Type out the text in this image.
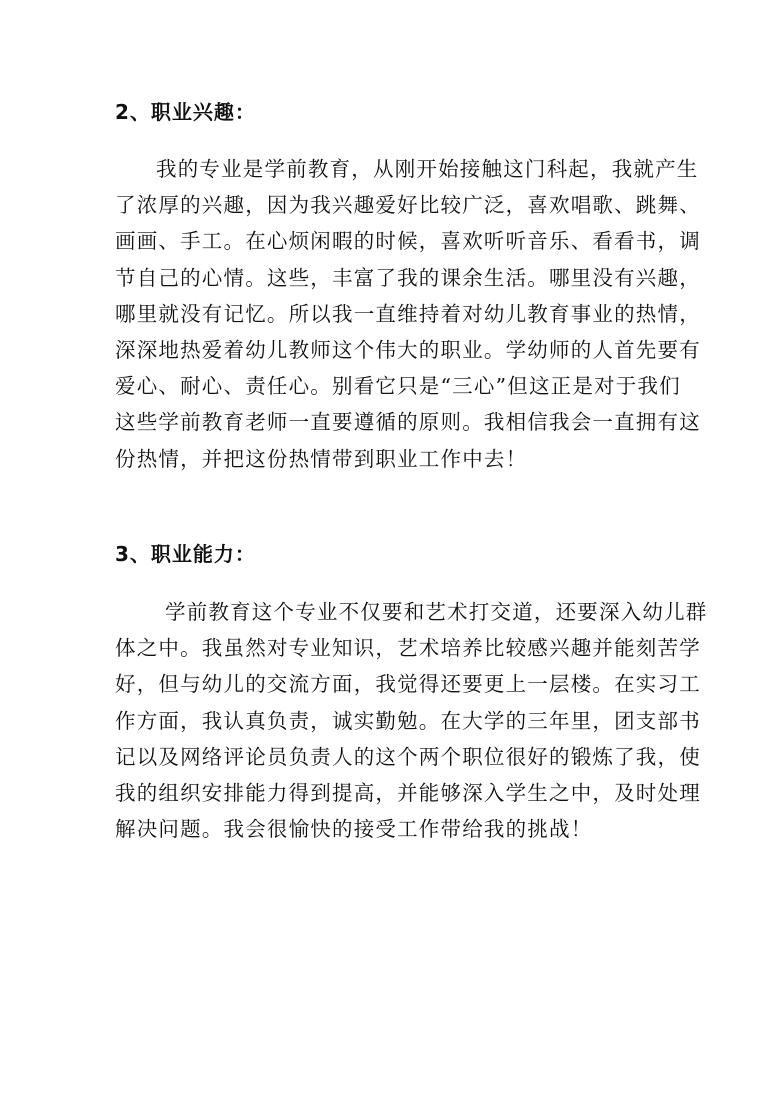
2、职业兴趣：
我的专业是学前教育，从刚开始接触这门科起，我就产生
了浓厚的兴趣，因为我兴趣爱好比较广泛，喜欢唱歌、跳舞、
画画、手工。在心烦闲暇的时候，喜欢听听音乐、看看书，调
节自己的心情。这些，丰富了我的课余生活。哪里没有兴趣，
哪里就没有记忆。所以我一直维持着对幼儿教育事业的热情，
深深地热爱着幼儿教师这个伟大的职业。学幼师的人首先要有
爱心、耐心、责任心。别看它只是“三心”但这正是对于我们
这些学前教育老师一直要遵循的原则。我相信我会一直拥有这
份热情，并把这份热情带到职业工作中去！
3、职业能力：
学前教育这个专业不仅要和艺术打交道，还要深入幼儿群
体之中。我虽然对专业知识，艺术培养比较感兴趣并能刻苦学
好，但与幼儿的交流方面，我觉得还要更上一层楼。在实习工
作方面，我认真负责，诚实勤勉。在大学的三年里，团支部书
记以及网络评论员负责人的这个两个职位很好的锻炼了我，使
我的组织安排能力得到提高，并能够深入学生之中，及时处理
解决问题。我会很愉快的接受工作带给我的挑战！
